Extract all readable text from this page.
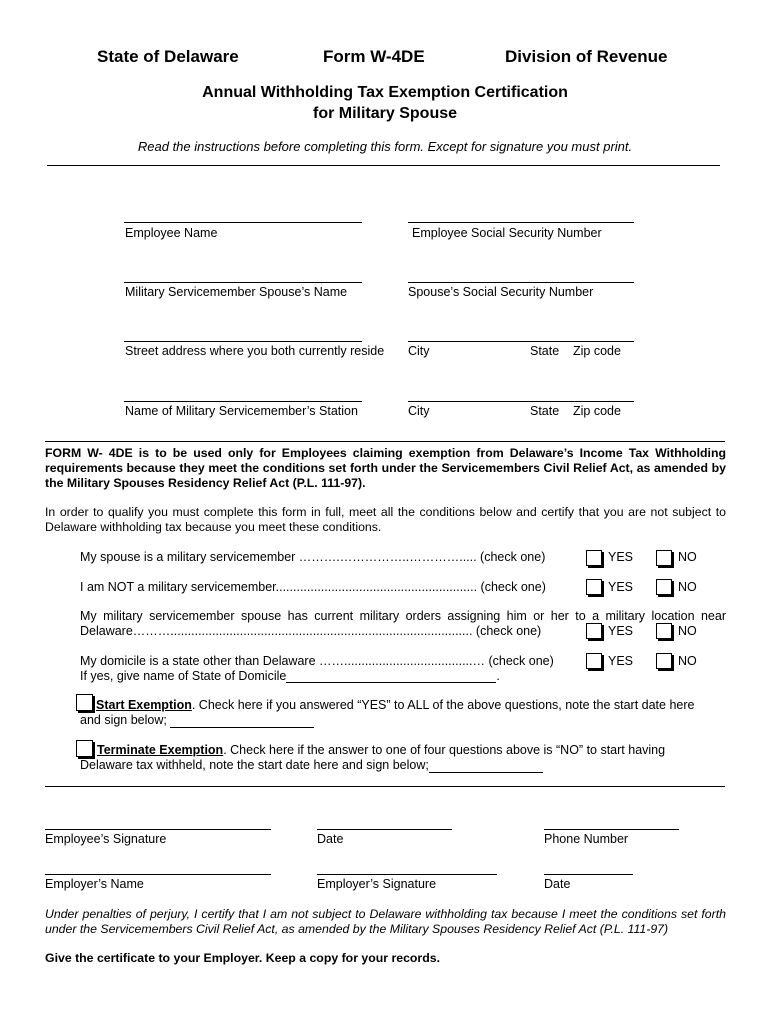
State of Delaware	Form W-4DE	Division of Revenue
Annual Withholding Tax Exemption Certification
for Military Spouse
Read the instructions before completing this form. Except for signature you must print.
Employee Name	Employee Social Security Number
Military Servicemember Spouse’s Name	Spouse’s Social Security Number
Street address where you both currently reside City	State Zip code
Name of Military Servicemember’s Station	City	State Zip code
FORM W- 4DE is to be used only for Employees claiming exemption from Delaware’s Income Tax Withholding requirements because they meet the conditions set forth under the Servicemembers Civil Relief Act, as amended by the Military Spouses Residency Relief Act (P.L. 111-97).
In order to qualify you must complete this form in full, meet all the conditions below and certify that you are not subject to Delaware withholding tax because you meet these conditions.
My spouse is a military servicemember ……….……………..…………..... (check one)	YES	NO
I am NOT a military servicemember.......................................................... (check one)	YES	NO
My military servicemember spouse has current military orders assigning him or her to a military location near
Delaware………....................................................................................... (check one)	YES	NO
My domicile is a state other than Delaware …….....................................… (check one)	YES	NO
If yes, give name of State of Domicile	.
Start Exemption. Check here if you answered “YES” to ALL of the above questions, note the start date here
and sign below;
Terminate Exemption. Check here if the answer to one of four questions above is “NO” to start having
Delaware tax withheld, note the start date here and sign below;
Employee’s Signature	Date	Phone Number
Employer’s Name	Employer’s Signature	Date
Under penalties of perjury, I certify that I am not subject to Delaware withholding tax because I meet the conditions set forth under the Servicemembers Civil Relief Act, as amended by the Military Spouses Residency Relief Act (P.L. 111-97)
Give the certificate to your Employer. Keep a copy for your records.
